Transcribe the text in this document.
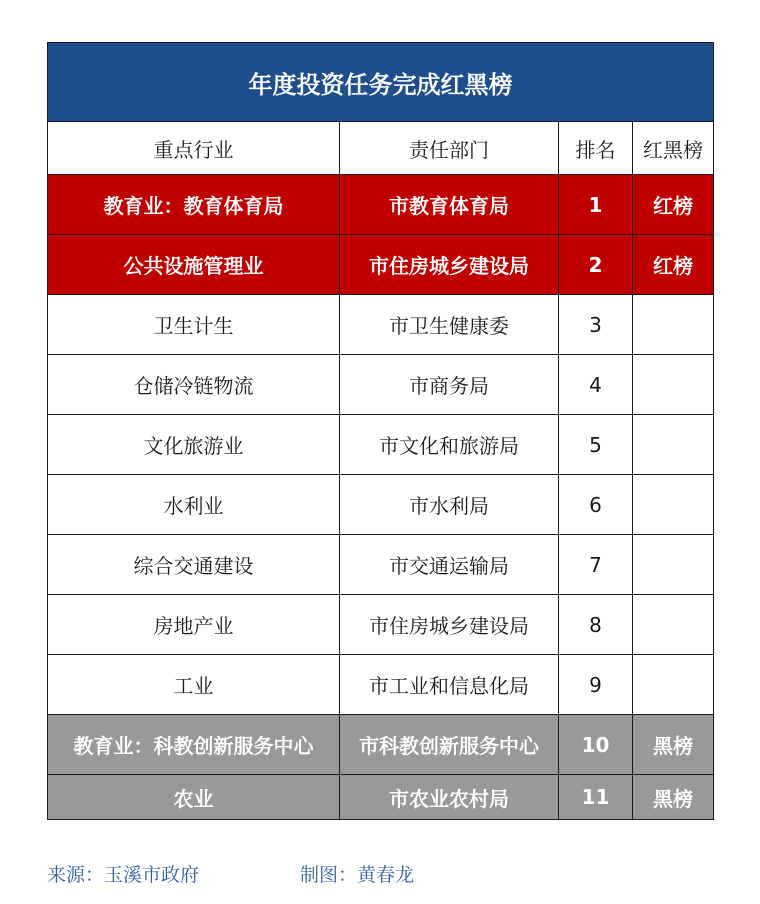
年度投资任务完成红黑榜			
重点行业	责任部门	排名	红黑榜
教育业：教育体育局	市教育体育局	1	红榜
公共设施管理业	市住房城乡建设局	2	红榜
卫生计生	市卫生健康委	3	
仓储冷链物流	市商务局	4	
文化旅游业	市文化和旅游局	5	
水利业	市水利局	6	
综合交通建设	市交通运输局	7	
房地产业	市住房城乡建设局	8	
工业	市工业和信息化局	9	
教育业：科教创新服务中心	市科教创新服务中心	10	黑榜
农业	市农业农村局	11	黑榜
来源：玉溪市政府	制图：黄春龙
